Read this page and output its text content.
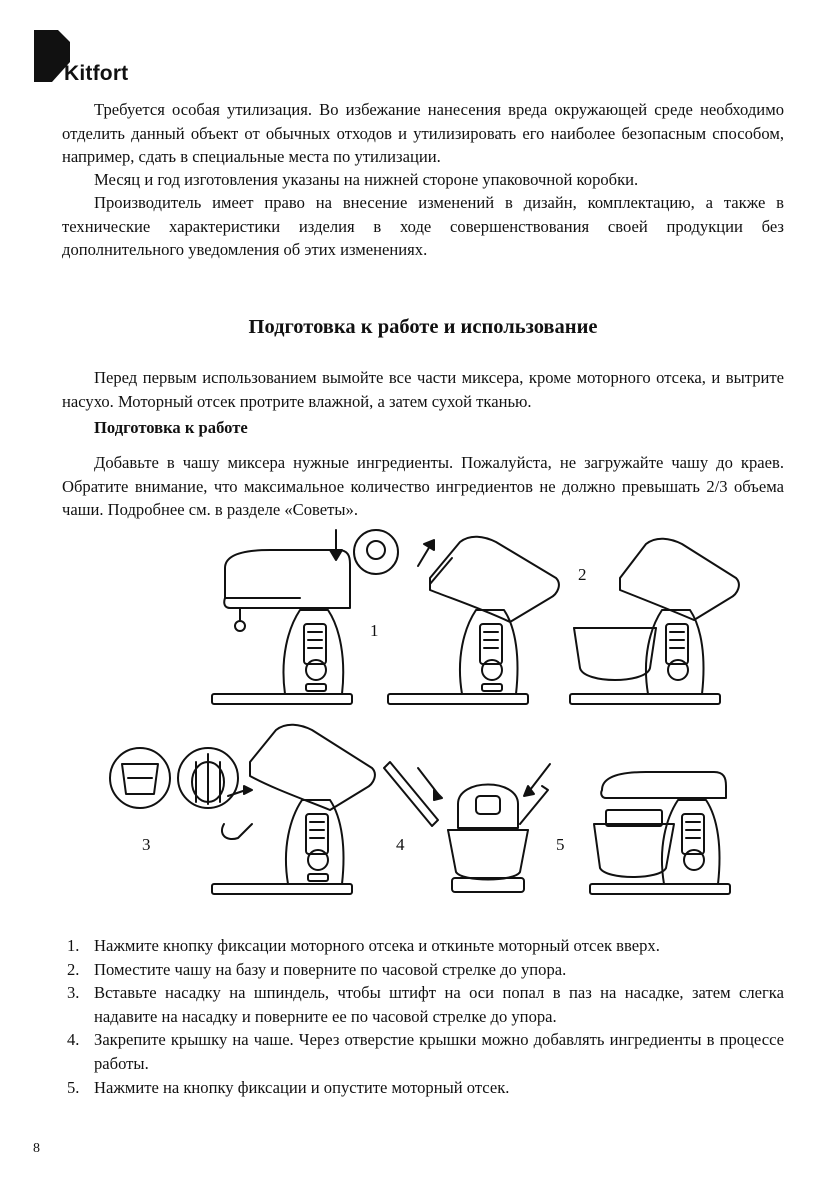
Kitfort

Требуется особая утилизация. Во избежание нанесения вреда окружающей среде необходимо отделить данный объект от обычных отходов и утилизировать его наиболее безопасным способом, например, сдать в специальные места по утилизации.

Месяц и год изготовления указаны на нижней стороне упаковочной коробки.

Производитель имеет право на внесение изменений в дизайн, комплектацию, а также в технические характеристики изделия в ходе совершенствования своей продукции без дополнительного уведомления об этих изменениях.

Подготовка к работе и использование

Перед первым использованием вымойте все части миксера, кроме моторного отсека, и вытрите насухо. Моторный отсек протрите влажной, а затем сухой тканью.

Подготовка к работе

Добавьте в чашу миксера нужные ингредиенты. Пожалуйста, не загружайте чашу до краев. Обратите внимание, что максимальное количество ингредиентов не должно превышать 2/3 объема чаши. Подробнее см. в разделе «Советы».

1
2
3	4	5
1. Нажмите кнопку фиксации моторного отсека и откиньте моторный отсек вверх.
2. Поместите чашу на базу и поверните по часовой стрелке до упора.
3. Вставьте насадку на шпиндель, чтобы штифт на оси попал в паз на насадке, затем слегка надавите на насадку и поверните ее по часовой стрелке до упора.
4. Закрепите крышку на чаше. Через отверстие крышки можно добавлять ингредиенты в процессе работы.
5. Нажмите на кнопку фиксации и опустите моторный отсек.
8
